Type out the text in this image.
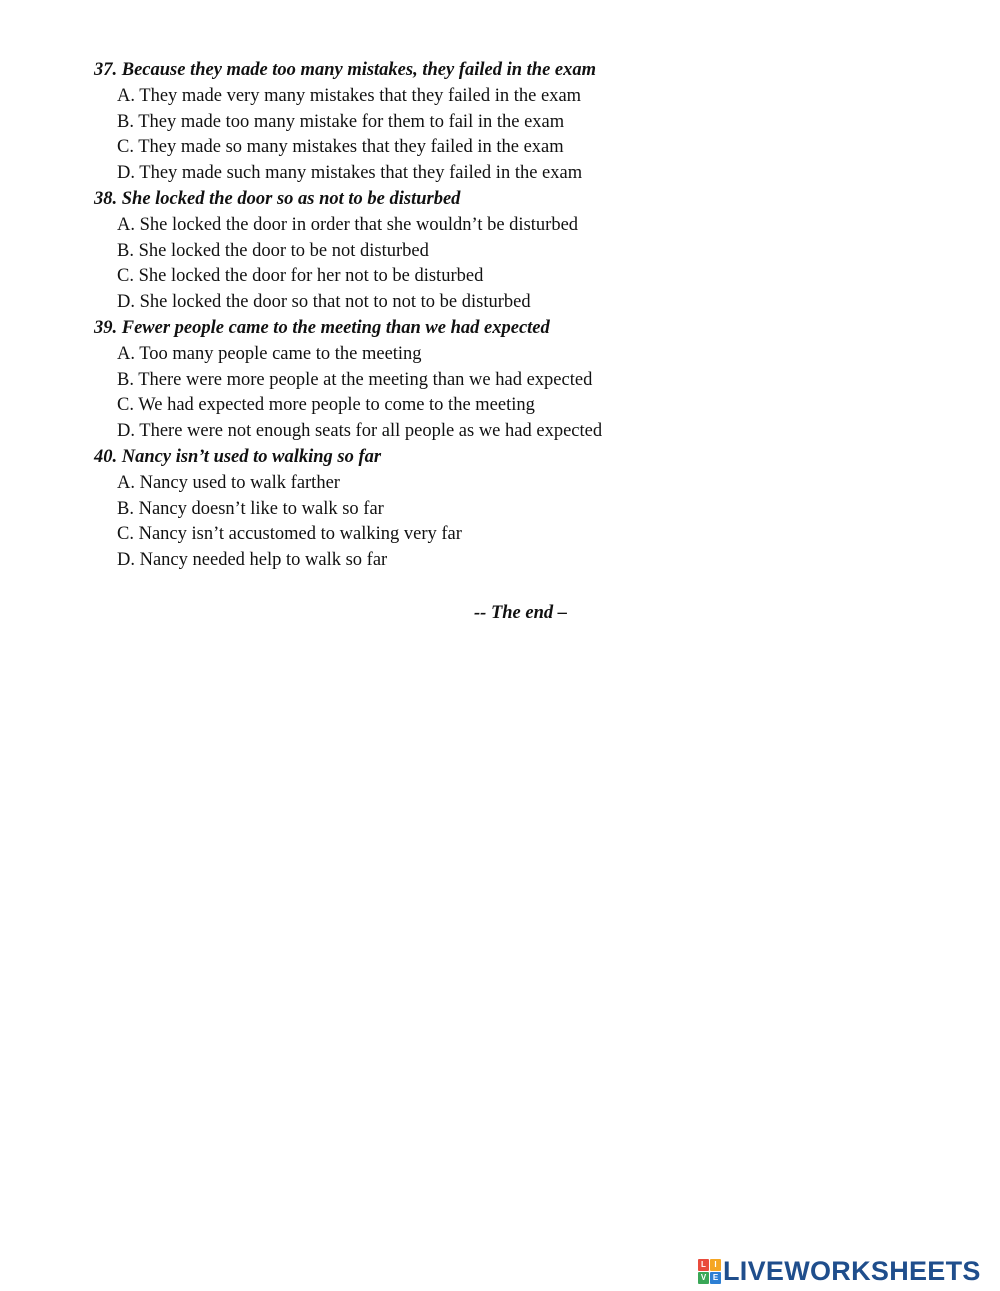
37. Because they made too many mistakes, they failed in the exam
A. They made very many mistakes that they failed in the exam
B. They made too many mistake for them to fail in the exam
C. They made so many mistakes that they failed in the exam
D. They made such many mistakes that they failed in the exam
38. She locked the door so as not to be disturbed
A. She locked the door in order that she wouldn’t be disturbed
B. She locked the door to be not disturbed
C. She locked the door for her not to be disturbed
D. She locked the door so that not to not to be disturbed
39. Fewer people came to the meeting than we had expected
A. Too many people came to the meeting
B. There were more people at the meeting than we had expected
C. We had expected more people to come to the meeting
D. There were not enough seats for all people as we had expected
40. Nancy isn’t used to walking so far
A. Nancy used to walk farther
B. Nancy doesn’t like to walk so far
C. Nancy isn’t accustomed to walking very far
D. Nancy needed help to walk so far
-- The end –
L	I
V E LIVEWORKSHEETS
